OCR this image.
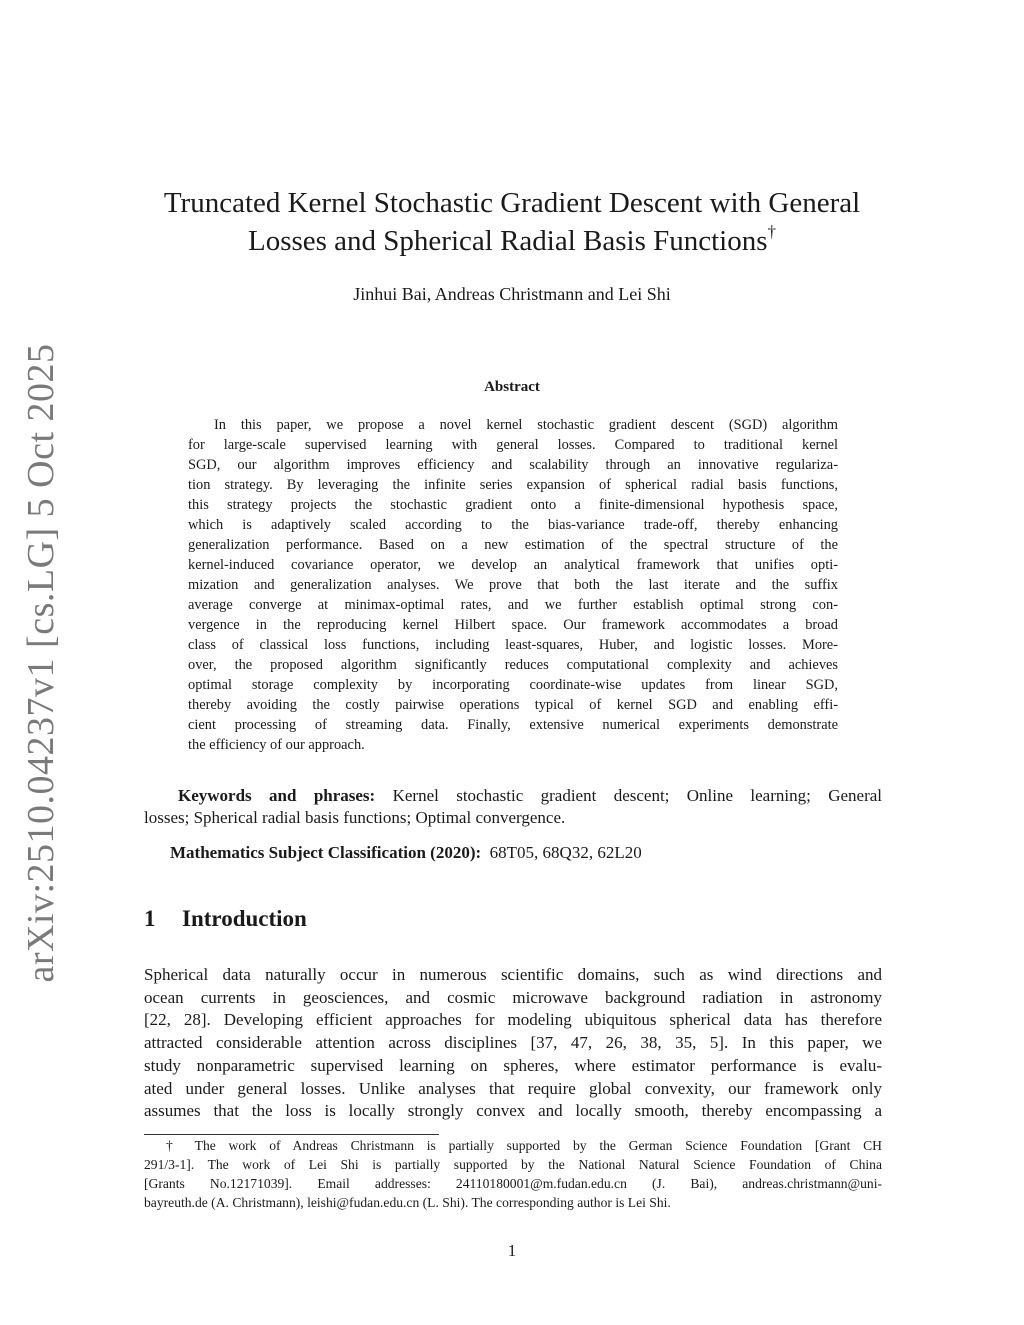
arXiv:2510.04237v1 [cs.LG] 5 Oct 2025
Truncated Kernel Stochastic Gradient Descent with General
Losses and Spherical Radial Basis Functions†
Jinhui Bai, Andreas Christmann and Lei Shi
Abstract
In this paper, we propose a novel kernel stochastic gradient descent (SGD) algorithm
for large-scale supervised learning with general losses. Compared to traditional kernel
SGD, our algorithm improves efficiency and scalability through an innovative regulariza-
tion strategy. By leveraging the infinite series expansion of spherical radial basis functions,
this strategy projects the stochastic gradient onto a finite-dimensional hypothesis space,
which is adaptively scaled according to the bias-variance trade-off, thereby enhancing
generalization performance. Based on a new estimation of the spectral structure of the
kernel-induced covariance operator, we develop an analytical framework that unifies opti-
mization and generalization analyses. We prove that both the last iterate and the suffix
average converge at minimax-optimal rates, and we further establish optimal strong con-
vergence in the reproducing kernel Hilbert space. Our framework accommodates a broad
class of classical loss functions, including least-squares, Huber, and logistic losses. More-
over, the proposed algorithm significantly reduces computational complexity and achieves
optimal storage complexity by incorporating coordinate-wise updates from linear SGD,
thereby avoiding the costly pairwise operations typical of kernel SGD and enabling effi-
cient processing of streaming data. Finally, extensive numerical experiments demonstrate
the efficiency of our approach.
Keywords and phrases: Kernel stochastic gradient descent; Online learning; General
losses; Spherical radial basis functions; Optimal convergence.
Mathematics Subject Classification (2020): 68T05, 68Q32, 62L20
1 Introduction
Spherical data naturally occur in numerous scientific domains, such as wind directions and
ocean currents in geosciences, and cosmic microwave background radiation in astronomy
[22, 28]. Developing efficient approaches for modeling ubiquitous spherical data has therefore
attracted considerable attention across disciplines [37, 47, 26, 38, 35, 5]. In this paper, we
study nonparametric supervised learning on spheres, where estimator performance is evalu-
ated under general losses. Unlike analyses that require global convexity, our framework only
assumes that the loss is locally strongly convex and locally smooth, thereby encompassing a
† The work of Andreas Christmann is partially supported by the German Science Foundation [Grant CH
291/3-1]. The work of Lei Shi is partially supported by the National Natural Science Foundation of China
[Grants No.12171039]. Email addresses: 24110180001@m.fudan.edu.cn (J. Bai), andreas.christmann@uni-
bayreuth.de (A. Christmann), leishi@fudan.edu.cn (L. Shi). The corresponding author is Lei Shi.
1
